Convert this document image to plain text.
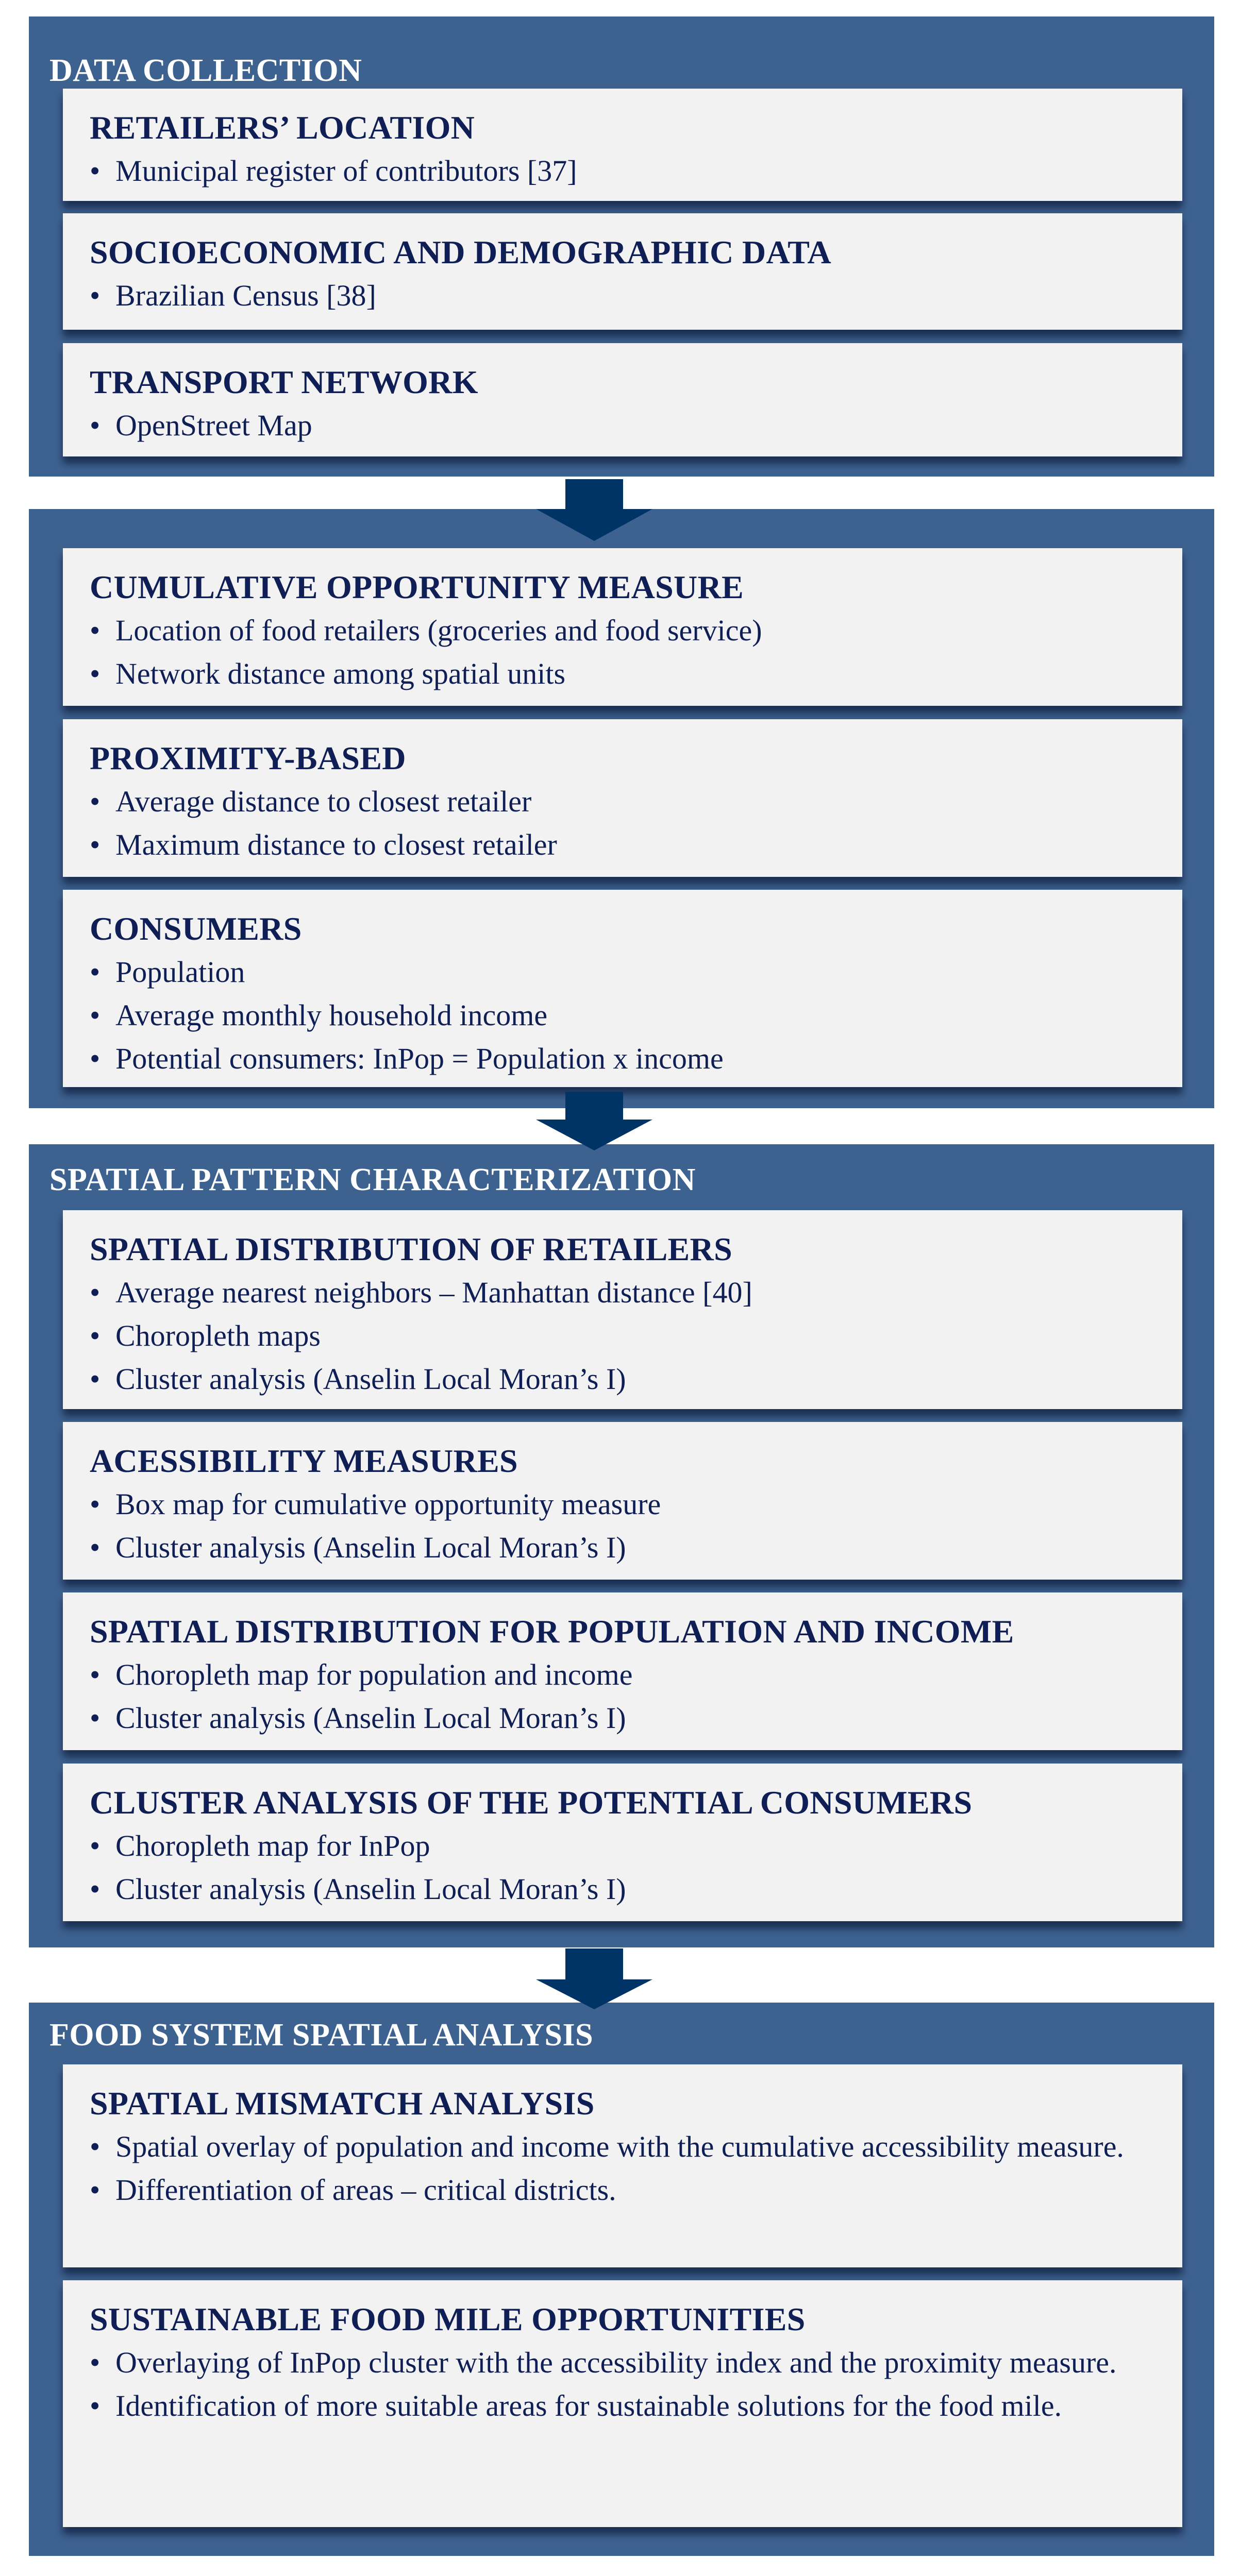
DATA COLLECTION
RETAILERS’ LOCATION
• Municipal register of contributors [37]
SOCIOECONOMIC AND DEMOGRAPHIC DATA
• Brazilian Census [38]
TRANSPORT NETWORK
• OpenStreet Map
CUMULATIVE OPPORTUNITY MEASURE
• Location of food retailers (groceries and food service)
• Network distance among spatial units
PROXIMITY-BASED
• Average distance to closest retailer
• Maximum distance to closest retailer
CONSUMERS
• Population
• Average monthly household income
• Potential consumers: InPop = Population x income
SPATIAL PATTERN CHARACTERIZATION
SPATIAL DISTRIBUTION OF RETAILERS
• Average nearest neighbors – Manhattan distance [40]
• Choropleth maps
• Cluster analysis (Anselin Local Moran’s I)
ACESSIBILITY MEASURES
• Box map for cumulative opportunity measure
• Cluster analysis (Anselin Local Moran’s I)
SPATIAL DISTRIBUTION FOR POPULATION AND INCOME
• Choropleth map for population and income
• Cluster analysis (Anselin Local Moran’s I)
CLUSTER ANALYSIS OF THE POTENTIAL CONSUMERS
• Choropleth map for InPop
• Cluster analysis (Anselin Local Moran’s I)
FOOD SYSTEM SPATIAL ANALYSIS
SPATIAL MISMATCH ANALYSIS
• Spatial overlay of population and income with the cumulative accessibility measure.
• Differentiation of areas – critical districts.
SUSTAINABLE FOOD MILE OPPORTUNITIES
• Overlaying of InPop cluster with the accessibility index and the proximity measure.
• Identification of more suitable areas for sustainable solutions for the food mile.
